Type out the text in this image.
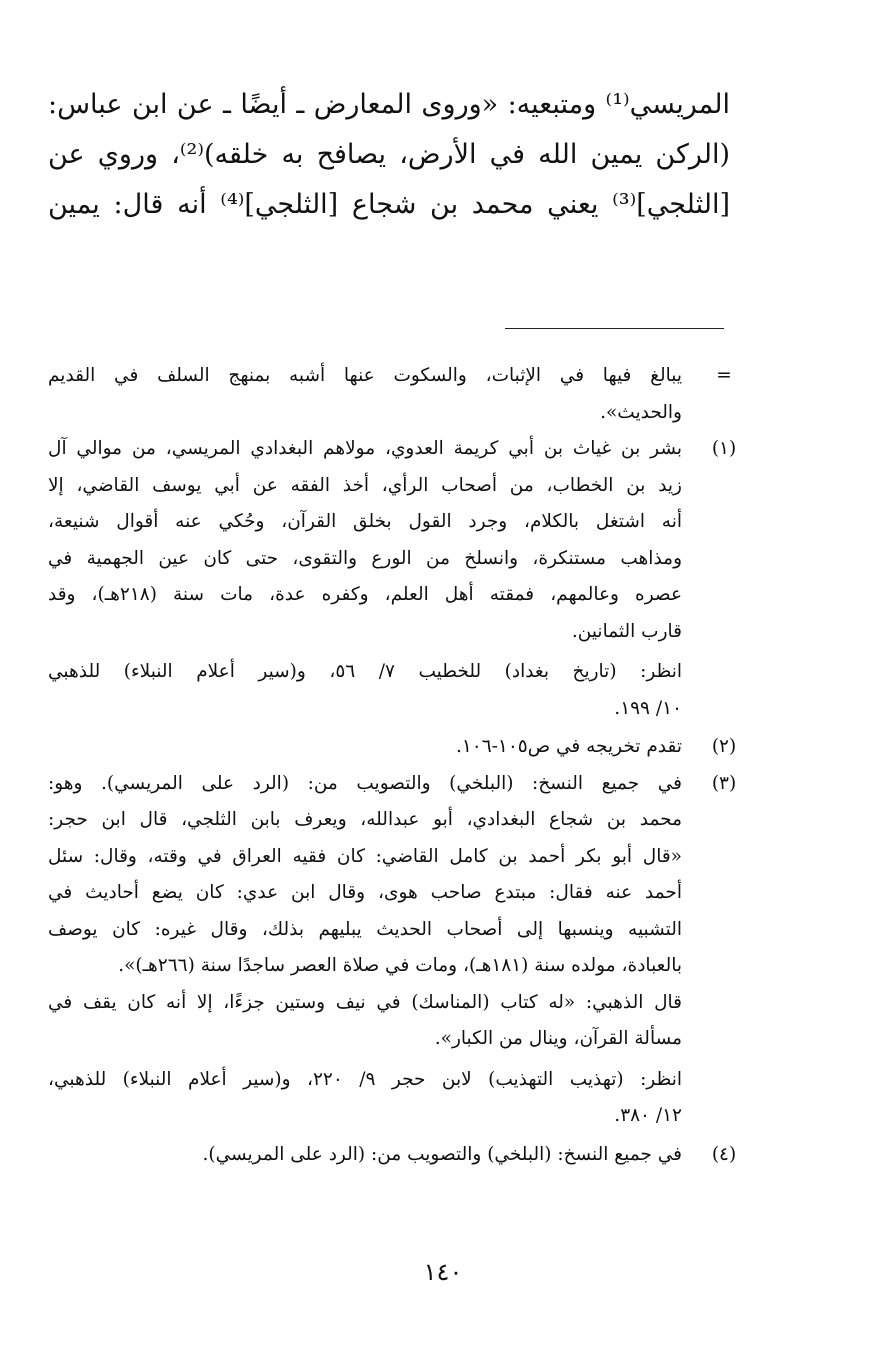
المريسي⁽¹⁾ ومتبعيه: «وروى المعارض ـ أيضًا ـ عن ابن عباس:
(الركن يمين الله في الأرض، يصافح به خلقه)⁽²⁾، وروي عن
[الثلجي]⁽³⁾ يعني محمد بن شجاع [الثلجي]⁽⁴⁾ أنه قال: يمين
=
يبالغ فيها في الإثبات، والسكوت عنها أشبه بمنهج السلف في القديم
والحديث».
(١)
بشر بن غياث بن أبي كريمة العدوي، مولاهم البغدادي المريسي، من موالي آل
زيد بن الخطاب، من أصحاب الرأي، أخذ الفقه عن أبي يوسف القاضي، إلا
أنه اشتغل بالكلام، وجرد القول بخلق القرآن، وحُكي عنه أقوال شنيعة،
ومذاهب مستنكرة، وانسلخ من الورع والتقوى، حتى كان عين الجهمية في
عصره وعالمهم، فمقته أهل العلم، وكفره عدة، مات سنة (٢١٨هـ)، وقد
قارب الثمانين.
انظر: (تاريخ بغداد) للخطيب ٧/ ٥٦، و(سير أعلام النبلاء) للذهبي
١٠/ ١٩٩.
(٢)
تقدم تخريجه في ص١٠٥-١٠٦.
(٣)
في جميع النسخ: (البلخي) والتصويب من: (الرد على المريسي). وهو:
محمد بن شجاع البغدادي، أبو عبدالله، ويعرف بابن الثلجي، قال ابن حجر:
«قال أبو بكر أحمد بن كامل القاضي: كان فقيه العراق في وقته، وقال: سئل
أحمد عنه فقال: مبتدع صاحب هوى، وقال ابن عدي: كان يضع أحاديث في
التشبيه وينسبها إلى أصحاب الحديث يبليهم بذلك، وقال غيره: كان يوصف
بالعبادة، مولده سنة (١٨١هـ)، ومات في صلاة العصر ساجدًا سنة (٢٦٦هـ)».
قال الذهبي: «له كتاب (المناسك) في نيف وستين جزءًا، إلا أنه كان يقف في
مسألة القرآن، وينال من الكبار».
انظر: (تهذيب التهذيب) لابن حجر ٩/ ٢٢٠، و(سير أعلام النبلاء) للذهبي،
١٢/ ٣٨٠.
(٤)
في جميع النسخ: (البلخي) والتصويب من: (الرد على المريسي).
١٤٠
